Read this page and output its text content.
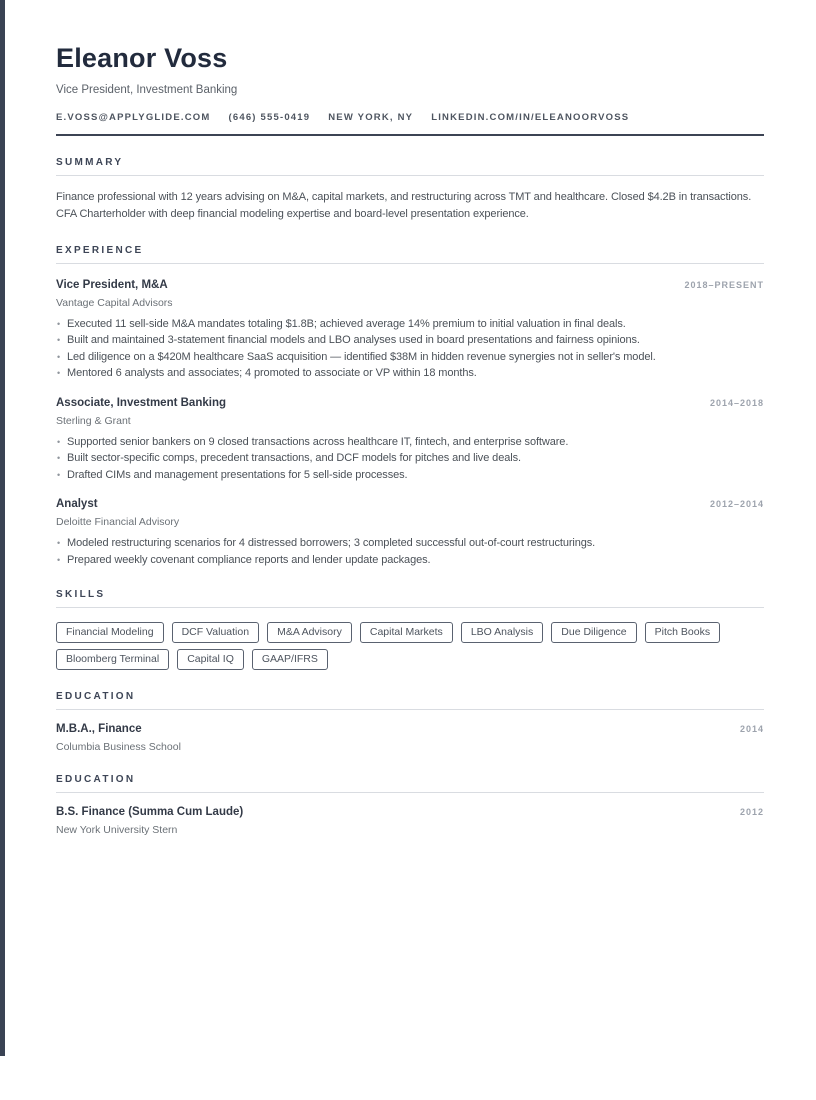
Eleanor Voss
Vice President, Investment Banking
E.VOSS@APPLYGLIDE.COM (646) 555-0419 NEW YORK, NY LINKEDIN.COM/IN/ELEANOORVOSS
SUMMARY

Finance professional with 12 years advising on M&A, capital markets, and restructuring across TMT and healthcare. Closed $4.2B in transactions. CFA Charterholder with deep financial modeling expertise and board-level presentation experience.

EXPERIENCE
Vice President, M&A	2018–PRESENT
Vantage Capital Advisors
• Executed 11 sell-side M&A mandates totaling $1.8B; achieved average 14% premium to initial valuation in final deals.
• Built and maintained 3-statement financial models and LBO analyses used in board presentations and fairness opinions.
• Led diligence on a $420M healthcare SaaS acquisition — identified $38M in hidden revenue synergies not in seller's model.
• Mentored 6 analysts and associates; 4 promoted to associate or VP within 18 months.
Associate, Investment Banking	2014–2018
Sterling & Grant
• Supported senior bankers on 9 closed transactions across healthcare IT, fintech, and enterprise software.
• Built sector-specific comps, precedent transactions, and DCF models for pitches and live deals.
• Drafted CIMs and management presentations for 5 sell-side processes.
Analyst	2012–2014
Deloitte Financial Advisory
• Modeled restructuring scenarios for 4 distressed borrowers; 3 completed successful out-of-court restructurings.
• Prepared weekly covenant compliance reports and lender update packages.
SKILLS
Financial Modeling	DCF Valuation	M&A Advisory	Capital Markets	LBO Analysis	Due Diligence	Pitch Books
Bloomberg Terminal	Capital IQ	GAAP/IFRS
EDUCATION
M.B.A., Finance	2014
Columbia Business School
EDUCATION
B.S. Finance (Summa Cum Laude)	2012
New York University Stern
